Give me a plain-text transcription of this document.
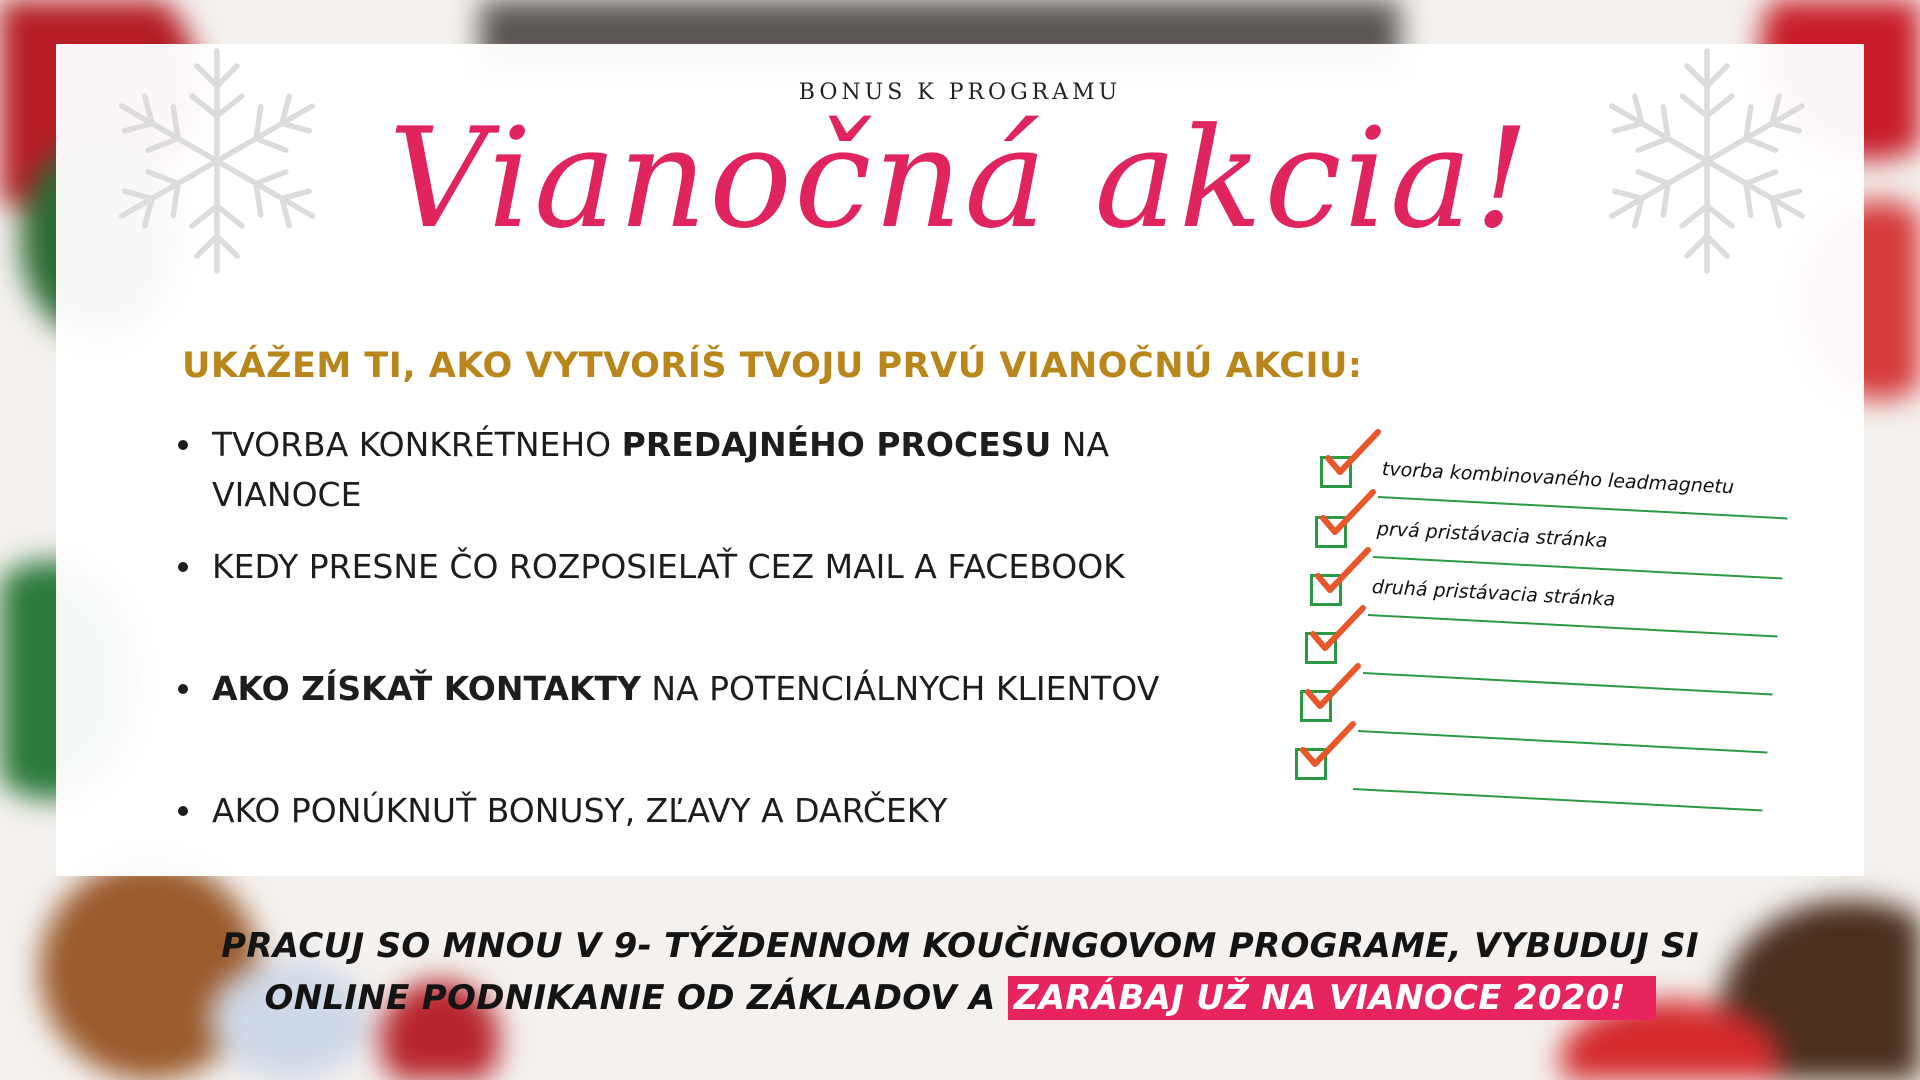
BONUS K PROGRAMU
Vianočná akcia!
UKÁŽEM TI, AKO VYTVORÍŠ TVOJU PRVÚ VIANOČNÚ AKCIU:
TVORBA KONKRÉTNEHO PREDAJNÉHO PROCESU NA VIANOCE
KEDY PRESNE ČO ROZPOSIELAŤ CEZ MAIL A FACEBOOK
AKO ZÍSKAŤ KONTAKTY NA POTENCIÁLNYCH KLIENTOV
AKO PONÚKNUŤ BONUSY, ZĽAVY A DARČEKY
tvorba kombinovaného leadmagnetu
prvá pristávacia stránka
druhá pristávacia stránka
PRACUJ SO MNOU V 9- TÝŽDENNOM KOUČINGOVOM PROGRAME, VYBUDUJ SI
ONLINE PODNIKANIE OD ZÁKLADOV A ZARÁBAJ UŽ NA VIANOCE 2020!
